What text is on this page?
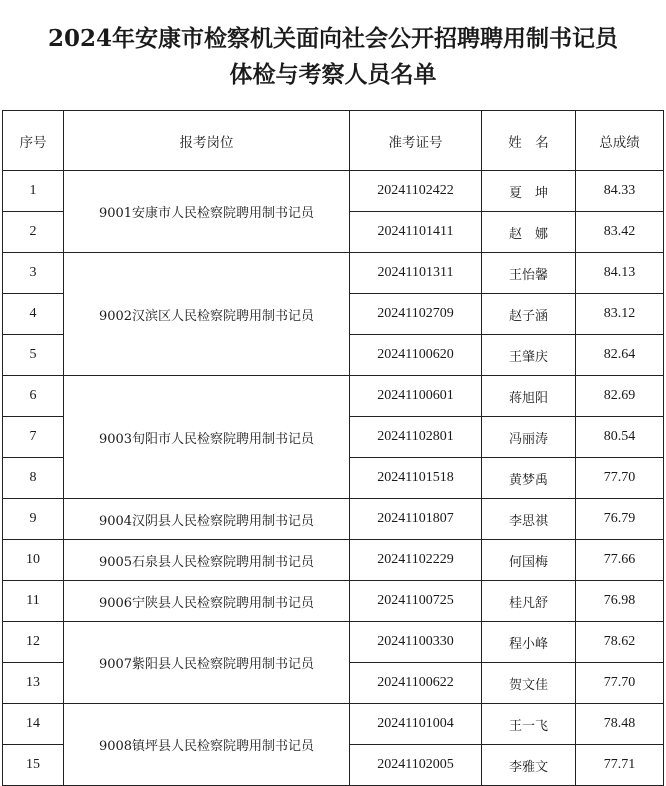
2024年安康市检察机关面向社会公开招聘聘用制书记员
体检与考察人员名单
序号	报考岗位	准考证号	姓　名	总成绩
1	9001安康市人民检察院聘用制书记员	20241102422	夏　坤	84.33
2		20241101411	赵　娜	83.42
3	9002汉滨区人民检察院聘用制书记员	20241101311	王怡馨	84.13
4		20241102709	赵子涵	83.12
5		20241100620	王肇庆	82.64
6	9003旬阳市人民检察院聘用制书记员	20241100601	蒋旭阳	82.69
7		20241102801	冯丽涛	80.54
8		20241101518	黄梦禹	77.70
9	9004汉阴县人民检察院聘用制书记员	20241101807	李思祺	76.79
10	9005石泉县人民检察院聘用制书记员	20241102229	何国梅	77.66
11	9006宁陕县人民检察院聘用制书记员	20241100725	桂凡舒	76.98
12	9007紫阳县人民检察院聘用制书记员	20241100330	程小峰	78.62
13		20241100622	贺文佳	77.70
14	9008镇坪县人民检察院聘用制书记员	20241101004	王一飞	78.48
15		20241102005	李雅文	77.71
